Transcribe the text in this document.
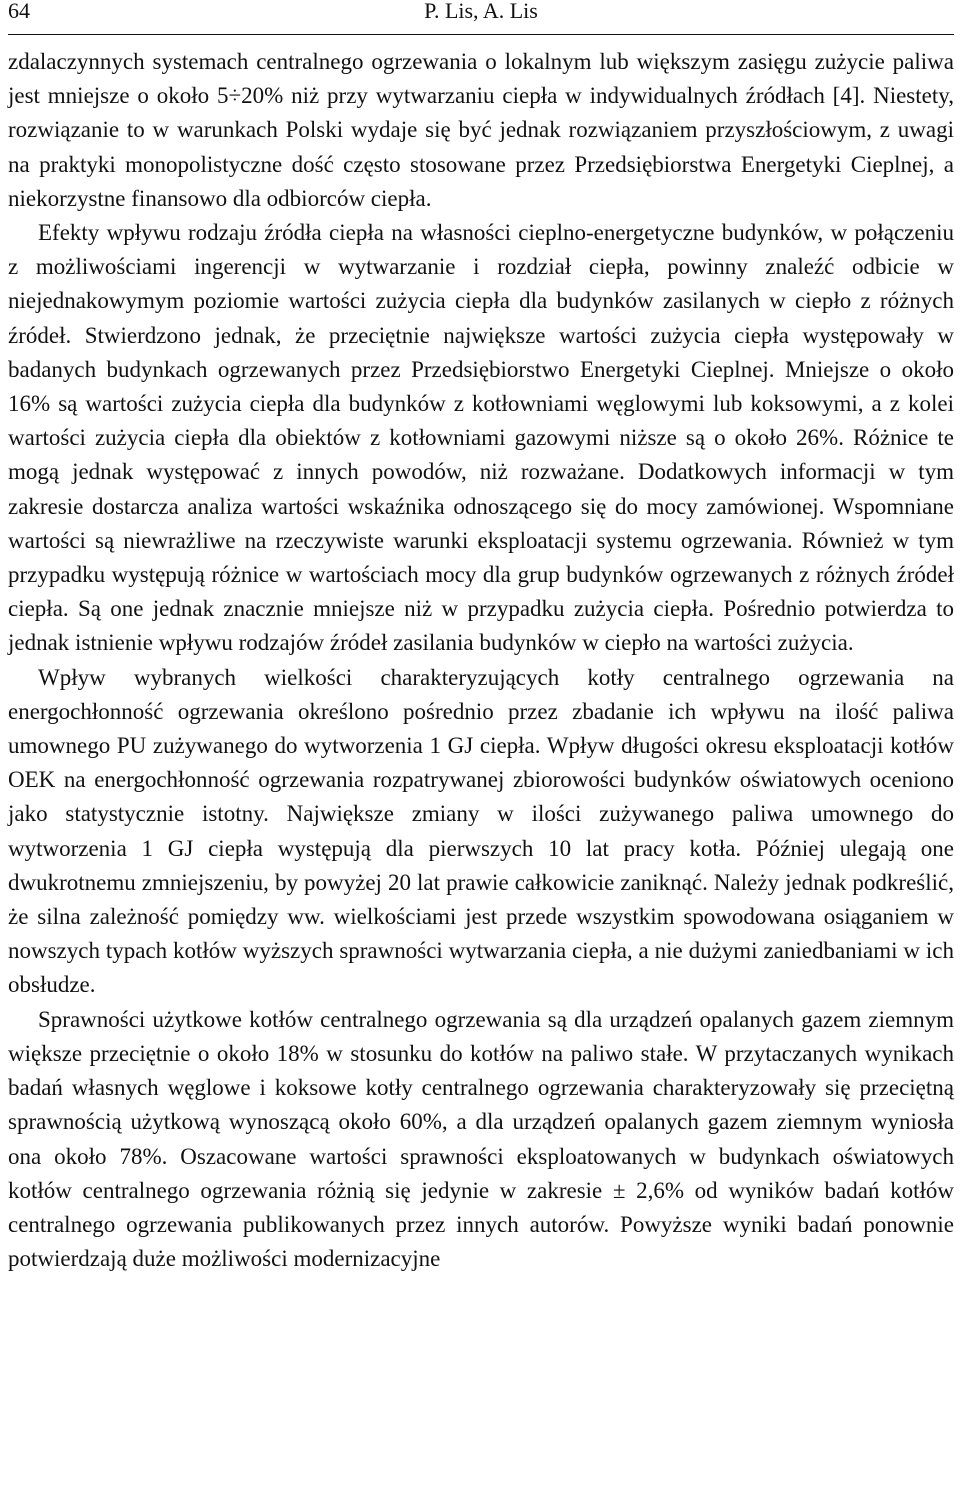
64	P. Lis, A. Lis

zdalaczynnych systemach centralnego ogrzewania o lokalnym lub większym zasięgu zużycie paliwa jest mniejsze o około 5÷20% niż przy wytwarzaniu ciepła w indywidualnych źródłach [4]. Niestety, rozwiązanie to w warunkach Polski wydaje się być jednak rozwiązaniem przyszłościowym, z uwagi na praktyki monopolistyczne dość często stosowane przez Przedsiębiorstwa Energetyki Cieplnej, a niekorzystne finansowo dla odbiorców ciepła.

Efekty wpływu rodzaju źródła ciepła na własności cieplno-energetyczne budynków, w połączeniu z możliwościami ingerencji w wytwarzanie i rozdział ciepła, powinny znaleźć odbicie w niejednakowymym poziomie wartości zużycia ciepła dla budynków zasilanych w ciepło z różnych źródeł. Stwierdzono jednak, że przeciętnie największe wartości zużycia ciepła występowały w badanych budynkach ogrzewanych przez Przedsiębiorstwo Energetyki Cieplnej. Mniejsze o około 16% są wartości zużycia ciepła dla budynków z kotłowniami węglowymi lub koksowymi, a z kolei wartości zużycia ciepła dla obiektów z kotłowniami gazowymi niższe są o około 26%. Różnice te mogą jednak występować z innych powodów, niż rozważane. Dodatkowych informacji w tym zakresie dostarcza analiza wartości wskaźnika odnoszącego się do mocy zamówionej. Wspomniane wartości są niewrażliwe na rzeczywiste warunki eksploatacji systemu ogrzewania. Również w tym przypadku występują różnice w wartościach mocy dla grup budynków ogrzewanych z różnych źródeł ciepła. Są one jednak znacznie mniejsze niż w przypadku zużycia ciepła. Pośrednio potwierdza to jednak istnienie wpływu rodzajów źródeł zasilania budynków w ciepło na wartości zużycia.

Wpływ wybranych wielkości charakteryzujących kotły centralnego ogrzewania na energochłonność ogrzewania określono pośrednio przez zbadanie ich wpływu na ilość paliwa umownego PU zużywanego do wytworzenia 1 GJ ciepła. Wpływ długości okresu eksploatacji kotłów OEK na energochłonność ogrzewania rozpatrywanej zbiorowości budynków oświatowych oceniono jako statystycznie istotny. Największe zmiany w ilości zużywanego paliwa umownego do wytworzenia 1 GJ ciepła występują dla pierwszych 10 lat pracy kotła. Później ulegają one dwukrotnemu zmniejszeniu, by powyżej 20 lat prawie całkowicie zaniknąć. Należy jednak podkreślić, że silna zależność pomiędzy ww. wielkościami jest przede wszystkim spowodowana osiąganiem w nowszych typach kotłów wyższych sprawności wytwarzania ciepła, a nie dużymi zaniedbaniami w ich obsłudze.

Sprawności użytkowe kotłów centralnego ogrzewania są dla urządzeń opalanych gazem ziemnym większe przeciętnie o około 18% w stosunku do kotłów na paliwo stałe. W przytaczanych wynikach badań własnych węglowe i koksowe kotły centralnego ogrzewania charakteryzowały się przeciętną sprawnością użytkową wynoszącą około 60%, a dla urządzeń opalanych gazem ziemnym wyniosła ona około 78%. Oszacowane wartości sprawności eksploatowanych w budynkach oświatowych kotłów centralnego ogrzewania różnią się jedynie w zakresie ± 2,6% od wyników badań kotłów centralnego ogrzewania publikowanych przez innych autorów. Powyższe wyniki badań ponownie potwierdzają duże możliwości modernizacyjne
